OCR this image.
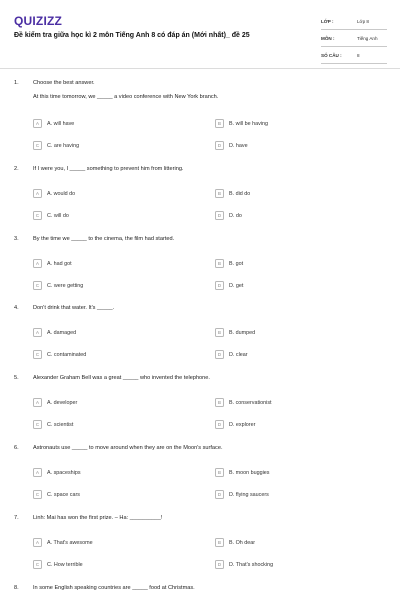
QUIZIZZ
Đề kiểm tra giữa học kì 2 môn Tiếng Anh 8 có đáp án (Mới nhất)_ đề 25
LỚP :	Lớp 8
MÔN :	Tiếng Anh
SỐ CÂU :	8
1.	Choose the best answer.
At this time tomorrow, we _____ a video conference with New York branch.
A	A. will have	B	B. will be having
C	C. are having	D	D. have
2.	If I were you, I _____ something to prevent him from littering.
A	A. would do	B	B. did do
C	C. will do	D	D. do
3.	By the time we _____ to the cinema, the film had started.
A	A. had got	B	B. got
C	C. were getting	D	D. get
4.	Don't drink that water. It's _____.
A	A. damaged	B	B. dumped
C	C. contaminated	D	D. clear
5.	Alexander Graham Bell was a great _____ who invented the telephone.
A	A. developer	B	B. conservationist
C	C. scientist	D	D. explorer
6.	Astronauts use _____ to move around when they are on the Moon's surface.
A	A. spaceships	B	B. moon buggies
C	C. space cars	D	D. flying saucers
7.	Linh: Mai has won the first prize. – Ha: __________!
A	A. That's awesome	B	B. Oh dear
C	C. How terrible	D	D. That's shocking
8.	In some English speaking countries are _____ food at Christmas.
